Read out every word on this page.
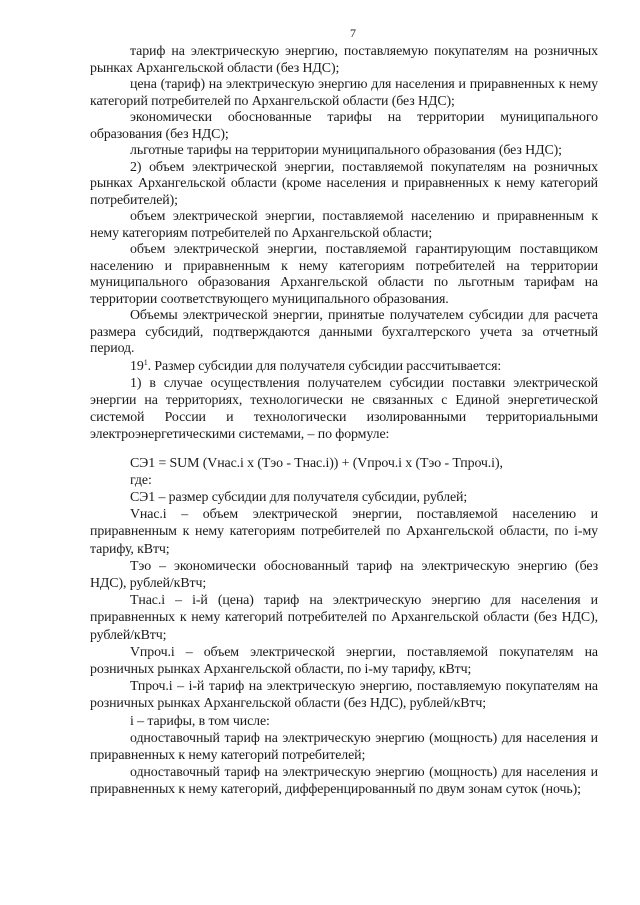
7

тариф на электрическую энергию, поставляемую покупателям на розничных рынках Архангельской области (без НДС);

цена (тариф) на электрическую энергию для населения и приравненных к нему категорий потребителей по Архангельской области (без НДС);

экономически обоснованные тарифы на территории муниципального образования (без НДС);

льготные тарифы на территории муниципального образования (без НДС);

2) объем электрической энергии, поставляемой покупателям на розничных рынках Архангельской области (кроме населения и приравненных к нему категорий потребителей);

объем электрической энергии, поставляемой населению и приравненным к нему категориям потребителей по Архангельской области;

объем электрической энергии, поставляемой гарантирующим поставщиком населению и приравненным к нему категориям потребителей на территории муниципального образования Архангельской области по льготным тарифам на территории соответствующего муниципального образования.

Объемы электрической энергии, принятые получателем субсидии для расчета размера субсидий, подтверждаются данными бухгалтерского учета за отчетный период.

$19^1$. Размер субсидии для получателя субсидии рассчитывается:

1) в случае осуществления получателем субсидии поставки электрической энергии на территориях, технологически не связанных с Единой энергетической системой России и технологически изолированными территориальными электроэнергетическими системами, – по формуле:

СЭ1 = SUM (Vнас.i x (Тэо - Тнас.i)) + (Vпроч.i x (Тэо - Тпроч.i),

где:

СЭ1 – размер субсидии для получателя субсидии, рублей;

Vнас.i – объем электрической энергии, поставляемой населению и приравненным к нему категориям потребителей по Архангельской области, по i-му тарифу, кВтч;

Тэо – экономически обоснованный тариф на электрическую энергию (без НДС), рублей/кВтч;

Тнас.i – i-й (цена) тариф на электрическую энергию для населения и приравненных к нему категорий потребителей по Архангельской области (без НДС), рублей/кВтч;

Vпроч.i – объем электрической энергии, поставляемой покупателям на розничных рынках Архангельской области, по i-му тарифу, кВтч;

Тпроч.i – i-й тариф на электрическую энергию, поставляемую покупателям на розничных рынках Архангельской области (без НДС), рублей/кВтч;

i – тарифы, в том числе:

одноставочный тариф на электрическую энергию (мощность) для населения и приравненных к нему категорий потребителей;

одноставочный тариф на электрическую энергию (мощность) для населения и приравненных к нему категорий, дифференцированный по двум зонам суток (ночь);
